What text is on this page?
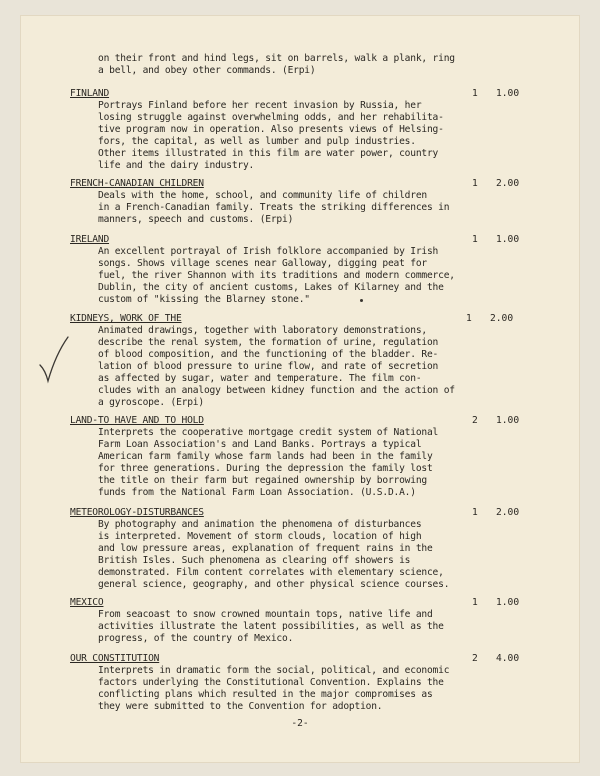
on their front and hind legs, sit on barrels, walk a plank, ring
a bell, and obey other commands. (Erpi)
FINLAND
Portrays Finland before her recent invasion by Russia, her
losing struggle against overwhelming odds, and her rehabilita-
tive program now in operation. Also presents views of Helsing-
fors, the capital, as well as lumber and pulp industries.
Other items illustrated in this film are water power, country
life and the dairy industry.
1 1.00
FRENCH-CANADIAN CHILDREN
Deals with the home, school, and community life of children
in a French-Canadian family. Treats the striking differences in
manners, speech and customs. (Erpi)
1 2.00
IRELAND
An excellent portrayal of Irish folklore accompanied by Irish
songs. Shows village scenes near Galloway, digging peat for
fuel, the river Shannon with its traditions and modern commerce,
Dublin, the city of ancient customs, Lakes of Kilarney and the
custom of "kissing the Blarney stone."
1 1.00
KIDNEYS, WORK OF THE
Animated drawings, together with laboratory demonstrations,
describe the renal system, the formation of urine, regulation
of blood composition, and the functioning of the bladder. Re-
lation of blood pressure to urine flow, and rate of secretion
as affected by sugar, water and temperature. The film con-
cludes with an analogy between kidney function and the action of
a gyroscope. (Erpi)
1 2.00
LAND-TO HAVE AND TO HOLD
Interprets the cooperative mortgage credit system of National
Farm Loan Association's and Land Banks. Portrays a typical
American farm family whose farm lands had been in the family
for three generations. During the depression the family lost
the title on their farm but regained ownership by borrowing
funds from the National Farm Loan Association. (U.S.D.A.)
2 1.00
METEOROLOGY-DISTURBANCES
By photography and animation the phenomena of disturbances
is interpreted. Movement of storm clouds, location of high
and low pressure areas, explanation of frequent rains in the
British Isles. Such phenomena as clearing off showers is
demonstrated. Film content correlates with elementary science,
general science, geography, and other physical science courses.
1 2.00
MEXICO
From seacoast to snow crowned mountain tops, native life and
activities illustrate the latent possibilities, as well as the
progress, of the country of Mexico.
1 1.00
OUR CONSTITUTION
Interprets in dramatic form the social, political, and economic
factors underlying the Constitutional Convention. Explains the
conflicting plans which resulted in the major compromises as
they were submitted to the Convention for adoption.
2 4.00
-2-
